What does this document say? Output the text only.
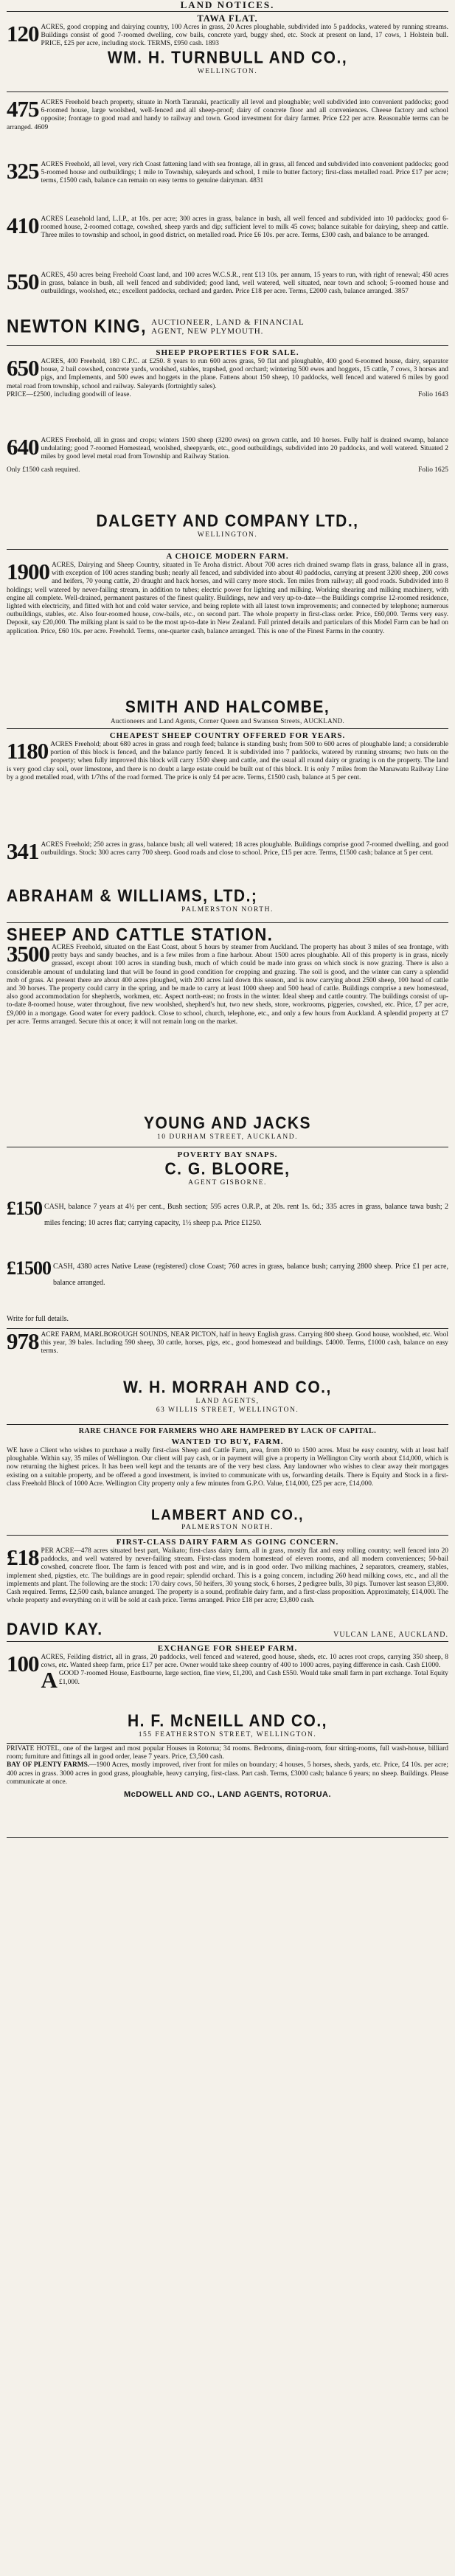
LAND NOTICES.
TAWA FLAT.

120 ACRES, good cropping and dairying country, 100 Acres in grass, 20 Acres ploughable, subdivided into 5 paddocks, watered by running streams. Buildings consist of good 7-roomed dwelling, cow bails, concrete yard, buggy shed, etc. Stock at present on land, 17 cows, 1 Holstein bull. PRICE, £25 per acre, including stock. TERMS, £950 cash. 1893

WM. H. TURNBULL AND CO.,
WELLINGTON.

475 ACRES Freehold beach property, situate in North Taranaki, practically all level and ploughable; well subdivided into convenient paddocks; good 6-roomed house, large woolshed, well-fenced and all sheep-proof; dairy of concrete floor and all conveniences. Cheese factory and school opposite; frontage to good road and handy to railway and town. Good investment for dairy farmer. Price £22 per acre. Reasonable terms can be arranged. 4609

325 ACRES Freehold, all level, very rich Coast fattening land with sea frontage, all in grass, all fenced and subdivided into convenient paddocks; good 5-roomed house and outbuildings; 1 mile to Township, saleyards and school, 1 mile to butter factory; first-class metalled road. Price £17 per acre; terms, £1500 cash, balance can remain on easy terms to genuine dairyman. 4831

410 ACRES Leasehold land, L.I.P., at 10s. per acre; 300 acres in grass, balance in bush, all well fenced and subdivided into 10 paddocks; good 6-roomed house, 2-roomed cottage, cowshed, sheep yards and dip; sufficient level to milk 45 cows; balance suitable for dairying, sheep and cattle. Three miles to township and school, in good district, on metalled road. Price £6 10s. per acre. Terms, £300 cash, and balance to be arranged.

550 ACRES, 450 acres being Freehold Coast land, and 100 acres W.C.S.R., rent £13 10s. per annum, 15 years to run, with right of renewal; 450 acres in grass, balance in bush, all well fenced and subdivided; good land, well watered, well situated, near town and school; 5-roomed house and outbuildings, woolshed, etc.; excellent paddocks, orchard and garden. Price £18 per acre. Terms, £2000 cash, balance arranged. 3857

NEWTON KING, AUCTIONEER, LAND & FINANCIAL
AGENT, NEW PLYMOUTH.
SHEEP PROPERTIES FOR SALE.

650 ACRES, 400 Freehold, 180 C.P.C. at £250. 8 years to run 600 acres grass, 50 flat and ploughable, 400 good 6-roomed house, dairy, separator house, 2 bail cowshed, concrete yards, woolshed, stables, trapshed, good orchard; wintering 500 ewes and hoggets, 15 cattle, 7 cows, 3 horses and pigs, and Implements, and 500 ewes and hoggets in the plane. Fattens about 150 sheep, 10 paddocks, well fenced and watered 6 miles by good metal road from township, school and railway. Saleyards (fortnightly sales).

PRICE—£2500, including goodwill of lease.	Folio 1643

640 ACRES Freehold, all in grass and crops; winters 1500 sheep (3200 ewes) on grown cattle, and 10 horses. Fully half is drained swamp, balance undulating; good 7-roomed Homestead, woolshed, sheepyards, etc., good outbuildings, subdivided into 20 paddocks, and well watered. Situated 2 miles by good level metal road from Township and Railway Station.

Only £1500 cash required.	Folio 1625
DALGETY AND COMPANY LTD.,
WELLINGTON.
A CHOICE MODERN FARM.

1900 ACRES, Dairying and Sheep Country, situated in Te Aroha district. About 700 acres rich drained swamp flats in grass, balance all in grass, with exception of 100 acres standing bush; nearly all fenced, and subdivided into about 40 paddocks, carrying at present 3200 sheep, 200 cows and heifers, 70 young cattle, 20 draught and hack horses, and will carry more stock. Ten miles from railway; all good roads. Subdivided into 8 holdings; well watered by never-failing stream, in addition to tubes; electric power for lighting and milking. Working shearing and milking machinery, with engine all complete. Well-drained, permanent pastures of the finest quality. Buildings, new and very up-to-date—the Buildings comprise 12-roomed residence, lighted with electricity, and fitted with hot and cold water service, and being replete with all latest town improvements; and connected by telephone; numerous outbuildings, stables, etc. Also four-roomed house, cow-bails, etc., on second part. The whole property in first-class order. Price, £60,000. Terms very easy. Deposit, say £20,000. The milking plant is said to be the most up-to-date in New Zealand. Full printed details and particulars of this Model Farm can be had on application. Price, £60 10s. per acre. Freehold. Terms, one-quarter cash, balance arranged. This is one of the Finest Farms in the country.

SMITH AND HALCOMBE,
Auctioneers and Land Agents, Corner Queen and Swanson Streets, AUCKLAND.
CHEAPEST SHEEP COUNTRY OFFERED FOR YEARS.

1180 ACRES Freehold; about 680 acres in grass and rough feed; balance is standing bush; from 500 to 600 acres of ploughable land; a considerable portion of this block is fenced, and the balance partly fenced. It is subdivided into 7 paddocks, watered by running streams; two huts on the property; when fully improved this block will carry 1500 sheep and cattle, and the usual all round dairy or grazing is on the property. The land is very good clay soil, over limestone, and there is no doubt a large estate could be built out of this block. It is only 7 miles from the Manawatu Railway Line by a good metalled road, with 1/7ths of the road formed. The price is only £4 per acre. Terms, £1500 cash, balance at 5 per cent.

341 ACRES Freehold; 250 acres in grass, balance bush; all well watered; 18 acres ploughable. Buildings comprise good 7-roomed dwelling, and good outbuildings. Stock: 300 acres carry 700 sheep. Good roads and close to school. Price, £15 per acre. Terms, £1500 cash; balance at 5 per cent.

ABRAHAM & WILLIAMS, LTD.;
PALMERSTON NORTH.
SHEEP AND CATTLE STATION.

3500 ACRES Freehold, situated on the East Coast, about 5 hours by steamer from Auckland. The property has about 3 miles of sea frontage, with pretty bays and sandy beaches, and is a few miles from a fine harbour. About 1500 acres ploughable. All of this property is in grass, nicely grassed, except about 100 acres in standing bush, much of which could be made into grass on which stock is now grazing. There is also a considerable amount of undulating land that will be found in good condition for cropping and grazing. The soil is good, and the winter can carry a splendid mob of grass. At present there are about 400 acres ploughed, with 200 acres laid down this season, and is now carrying about 2500 sheep, 100 head of cattle and 30 horses. The property could carry in the spring, and be made to carry at least 1000 sheep and 500 head of cattle. Buildings comprise a new homestead, also good accommodation for shepherds, workmen, etc. Aspect north-east; no frosts in the winter. Ideal sheep and cattle country. The buildings consist of up-to-date 8-roomed house, water throughout, five new woolshed, shepherd's hut, two new sheds, store, workrooms, piggeries, cowshed, etc. Price, £7 per acre, £9,000 in a mortgage. Good water for every paddock. Close to school, church, telephone, etc., and only a few hours from Auckland. A splendid property at £7 per acre. Terms arranged. Secure this at once; it will not remain long on the market.

YOUNG AND JACKS
10 DURHAM STREET, AUCKLAND.
POVERTY BAY SNAPS.
C. G. BLOORE,
AGENT GISBORNE.

£150 CASH, balance 7 years at 4½ per cent., Bush section; 595 acres O.R.P., at 20s. rent 1s. 6d.; 335 acres in grass, balance tawa bush; 2 miles fencing; 10 acres flat; carrying capacity, 1½ sheep p.a. Price £1250.

£1500 CASH, 4380 acres Native Lease (registered) close Coast; 760 acres in grass, balance bush; carrying 2800 sheep. Price £1 per acre, balance arranged.

Write for full details.

978 ACRE FARM, MARLBOROUGH SOUNDS, NEAR PICTON, half in heavy English grass. Carrying 800 sheep. Good house, woolshed, etc. Wool this year, 39 bales. Including 590 sheep, 30 cattle, horses, pigs, etc., good homestead and buildings. £4000. Terms, £1000 cash, balance on easy terms.

W. H. MORRAH AND CO.,
LAND AGENTS,
63 WILLIS STREET, WELLINGTON.
RARE CHANCE FOR FARMERS WHO ARE HAMPERED BY LACK OF CAPITAL.
WANTED TO BUY, FARM.

WE have a Client who wishes to purchase a really first-class Sheep and Cattle Farm, area, from 800 to 1500 acres. Must be easy country, with at least half ploughable. Within say, 35 miles of Wellington. Our client will pay cash, or in payment will give a property in Wellington City worth about £14,000, which is now returning the highest prices. It has been well kept and the tenants are of the very best class. Any landowner who wishes to clear away their mortgages existing on a suitable property, and be offered a good investment, is invited to communicate with us, forwarding details. There is Equity and Stock in a first-class Freehold Block of 1000 Acre. Wellington City property only a few minutes from G.P.O. Value, £14,000, £25 per acre, £14,000.

LAMBERT AND CO.,
PALMERSTON NORTH.
FIRST-CLASS DAIRY FARM AS GOING CONCERN.

£18 PER ACRE—478 acres situated best part, Waikato; first-class dairy farm, all in grass, mostly flat and easy rolling country; well fenced into 20 paddocks, and well watered by never-failing stream. First-class modern homestead of eleven rooms, and all modern conveniences; 50-bail cowshed, concrete floor. The farm is fenced with post and wire, and is in good order. Two milking machines, 2 separators, creamery, stables, implement shed, pigsties, etc. The buildings are in good repair; splendid orchard. This is a going concern, including 260 head milking cows, etc., and all the implements and plant. The following are the stock: 170 dairy cows, 50 heifers, 30 young stock, 6 horses, 2 pedigree bulls, 30 pigs. Turnover last season £3,800. Cash required. Terms, £2,500 cash, balance arranged. The property is a sound, profitable dairy farm, and a first-class proposition. Approximately, £14,000. The whole property and everything on it will be sold at cash price. Terms arranged. Price £18 per acre; £3,800 cash.

DAVID KAY.	VULCAN LANE, AUCKLAND.
EXCHANGE FOR SHEEP FARM.

100 ACRES, Feilding district, all in grass, 20 paddocks, well fenced and watered, good house, sheds, etc. 10 acres root crops, carrying 350 sheep, 8 cows, etc. Wanted sheep farm, price £17 per acre. Owner would take sheep country of 400 to 1000 acres, paying difference in cash. Cash £1000.

AGOOD 7-roomed House, Eastbourne, large section, fine view, £1,200, and Cash £550. Would take small farm in part exchange. Total Equity £1,000.

H. F. McNEILL AND CO.,
155 FEATHERSTON STREET, WELLINGTON.

PRIVATE HOTEL, one of the largest and most popular Houses in Rotorua; 34 rooms. Bedrooms, dining-room, four sitting-rooms, full wash-house, billiard room; furniture and fittings all in good order, lease 7 years. Price, £3,500 cash.

BAY OF PLENTY FARMS.—1900 Acres, mostly improved, river front for miles on boundary; 4 houses, 5 horses, sheds, yards, etc. Price, £4 10s. per acre; 400 acres in grass. 3000 acres in good grass, ploughable, heavy carrying, first-class. Part cash. Terms, £3000 cash; balance 6 years; no sheep. Buildings. Please communicate at once.

McDOWELL AND CO., LAND AGENTS, ROTORUA.
